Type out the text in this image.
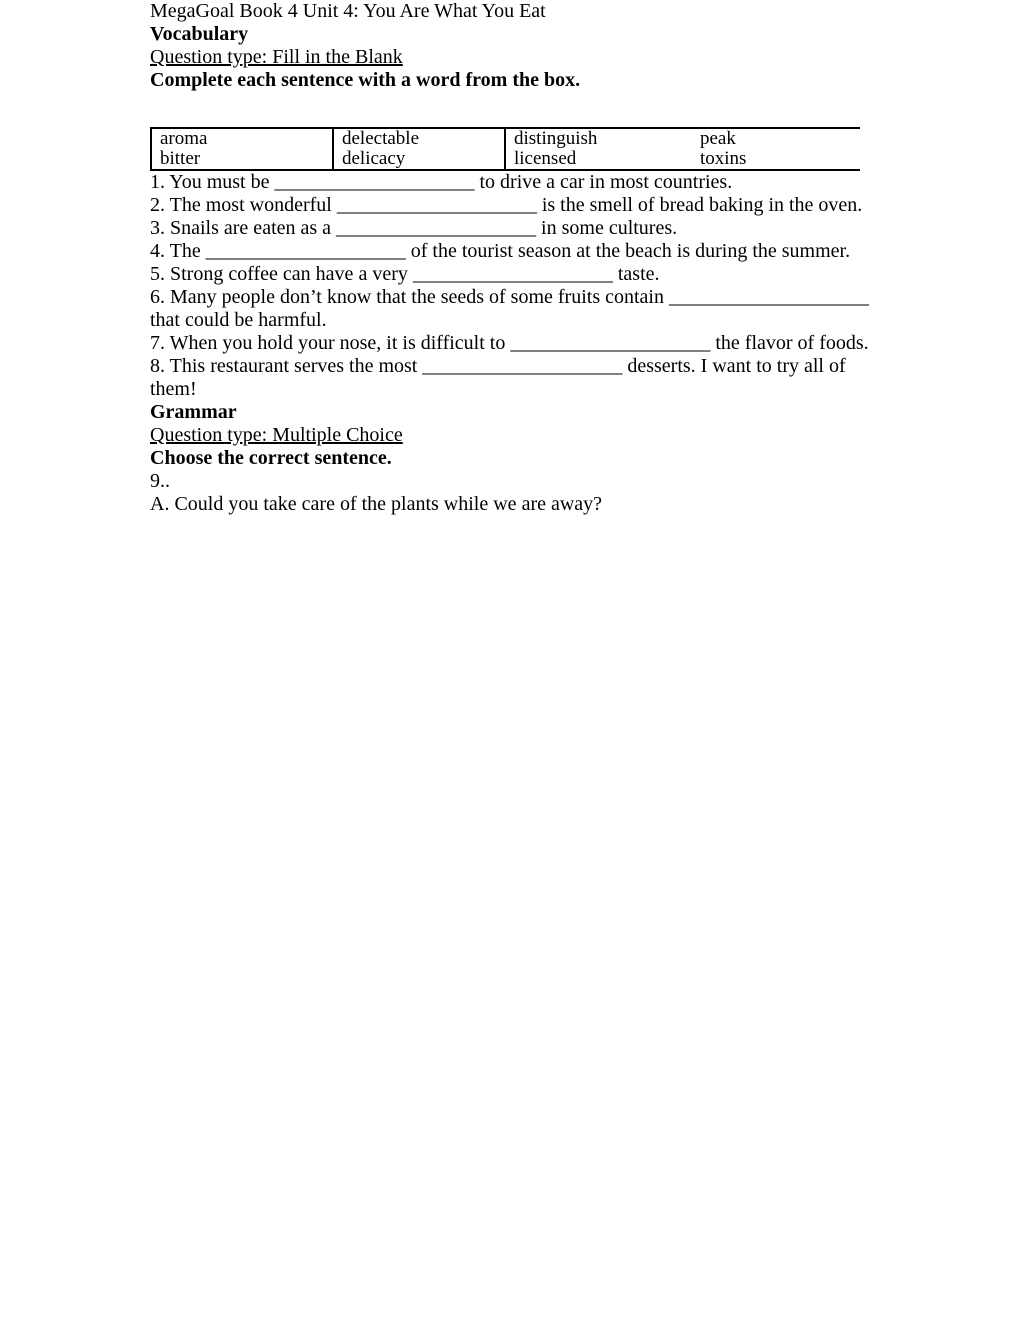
MegaGoal Book 4 Unit 4: You Are What You Eat

Vocabulary

Question type: Fill in the Blank

Complete each sentence with a word from the box.

aroma
bitter
delectable
delicacy
distinguish
licensed
peak
toxins

1. You must be ____________________ to drive a car in most countries.

2. The most wonderful ____________________ is the smell of bread baking in the oven.

3. Snails are eaten as a ____________________ in some cultures.

4. The ____________________ of the tourist season at the beach is during the summer.

5. Strong coffee can have a very ____________________ taste.

6. Many people don’t know that the seeds of some fruits contain ____________________ that could be harmful.

7. When you hold your nose, it is difficult to ____________________ the flavor of foods.

8. This restaurant serves the most ____________________ desserts. I want to try all of them!

Grammar

Question type: Multiple Choice

Choose the correct sentence.

9..
A. Could you take care of the plants while we are away?
